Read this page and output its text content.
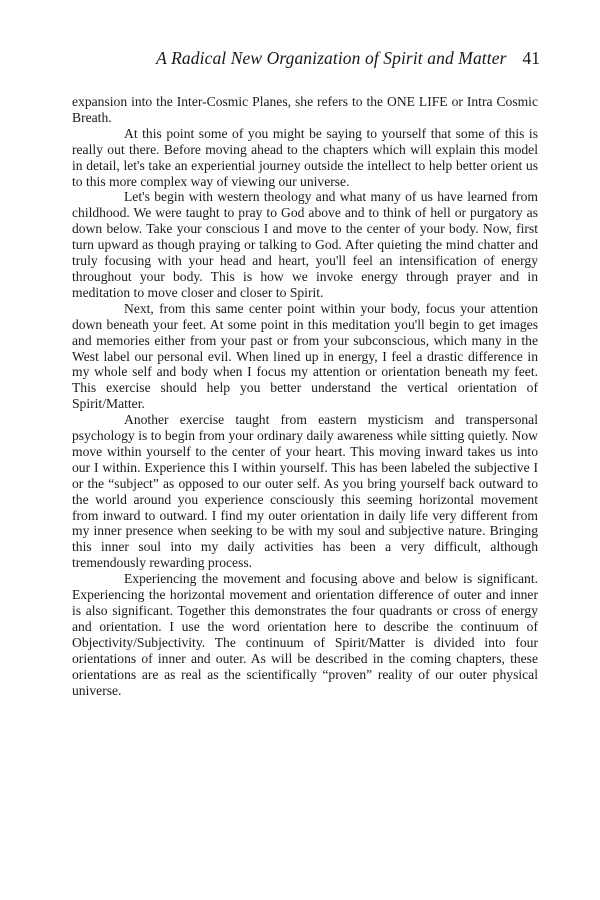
A Radical New Organization of Spirit and Matter 41

expansion into the Inter-Cosmic Planes, she refers to the ONE LIFE or Intra Cosmic Breath.

At this point some of you might be saying to yourself that some of this is really out there. Before moving ahead to the chapters which will explain this model in detail, let's take an experiential journey outside the intellect to help better orient us to this more complex way of viewing our universe.

Let's begin with western theology and what many of us have learned from childhood. We were taught to pray to God above and to think of hell or purgatory as down below. Take your conscious I and move to the center of your body. Now, first turn upward as though praying or talking to God. After quieting the mind chatter and truly focusing with your head and heart, you'll feel an intensification of energy throughout your body. This is how we invoke energy through prayer and in meditation to move closer and closer to Spirit.

Next, from this same center point within your body, focus your attention down beneath your feet. At some point in this meditation you'll begin to get images and memories either from your past or from your subconscious, which many in the West label our personal evil. When lined up in energy, I feel a drastic difference in my whole self and body when I focus my attention or orientation beneath my feet. This exercise should help you better understand the vertical orientation of Spirit/Matter.

Another exercise taught from eastern mysticism and transpersonal psychology is to begin from your ordinary daily awareness while sitting quietly. Now move within yourself to the center of your heart. This moving inward takes us into our I within. Experience this I within yourself. This has been labeled the subjective I or the “subject” as opposed to our outer self. As you bring yourself back outward to the world around you experience consciously this seeming horizontal movement from inward to outward. I find my outer orientation in daily life very different from my inner presence when seeking to be with my soul and subjective nature. Bringing this inner soul into my daily activities has been a very difficult, although tremendously rewarding process.

Experiencing the movement and focusing above and below is significant. Experiencing the horizontal movement and orientation difference of outer and inner is also significant. Together this demonstrates the four quadrants or cross of energy and orientation. I use the word orientation here to describe the continuum of Objectivity/Subjectivity. The continuum of Spirit/Matter is divided into four orientations of inner and outer. As will be described in the coming chapters, these orientations are as real as the scientifically “proven” reality of our outer physical universe.
